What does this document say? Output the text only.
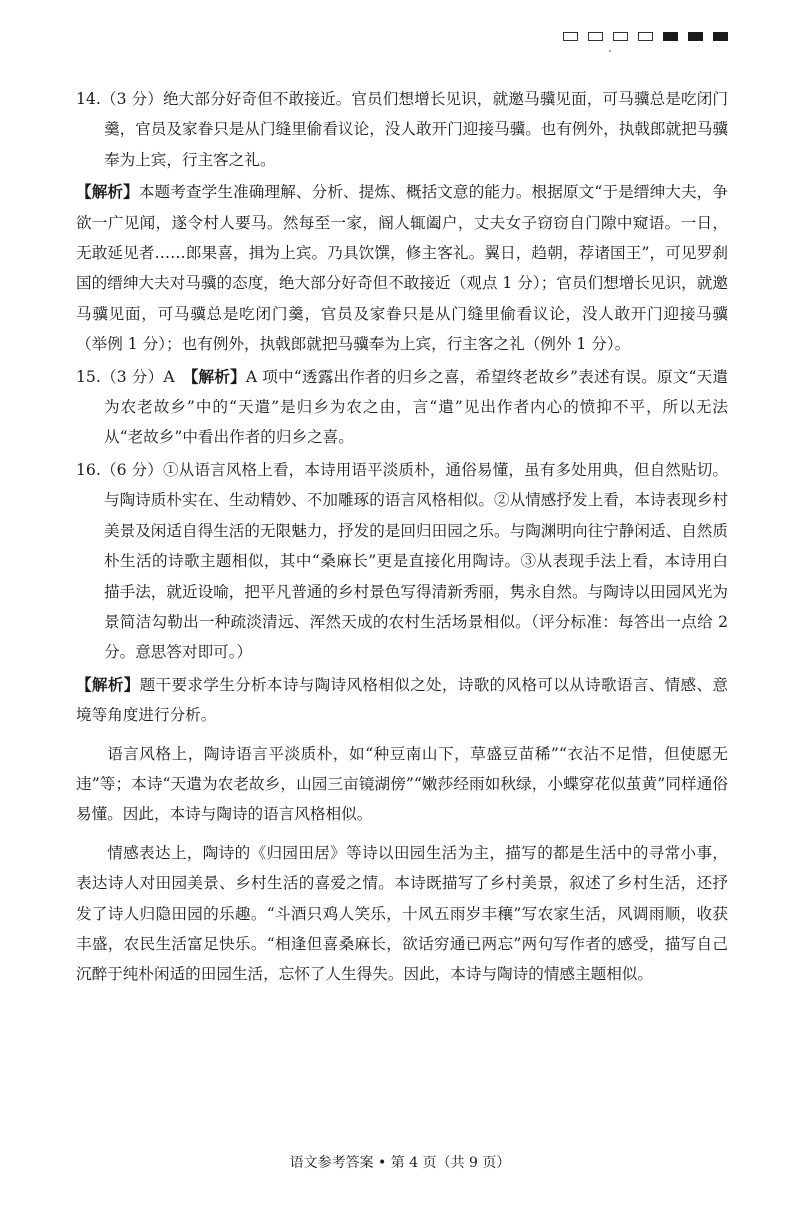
14.（3 分）绝大部分好奇但不敢接近。官员们想增长见识，就邀马骥见面，可马骥总是吃闭门羹，官员及家眷只是从门缝里偷看议论，没人敢开门迎接马骥。也有例外，执戟郎就把马骥奉为上宾，行主客之礼。

【解析】本题考查学生准确理解、分析、提炼、概括文意的能力。根据原文“于是缙绅大夫，争欲一广见闻，遂令村人要马。然每至一家，阍人辄阖户，丈夫女子窃窃自门隙中窥语。一日，无敢延见者……郎果喜，揖为上宾。乃具饮馔，修主客礼。翼日，趋朝，荐诸国王”，可见罗刹国的缙绅大夫对马骥的态度，绝大部分好奇但不敢接近（观点 1 分）；官员们想增长见识，就邀马骥见面，可马骥总是吃闭门羹，官员及家眷只是从门缝里偷看议论，没人敢开门迎接马骥（举例 1 分）；也有例外，执戟郎就把马骥奉为上宾，行主客之礼（例外 1 分）。

15.（3 分）A　【解析】A 项中“透露出作者的归乡之喜，希望终老故乡”表述有误。原文“天遣为农老故乡”中的“天遣”是归乡为农之由，言“遣”见出作者内心的愤抑不平，所以无法从“老故乡”中看出作者的归乡之喜。

16.（6 分）①从语言风格上看，本诗用语平淡质朴，通俗易懂，虽有多处用典，但自然贴切。与陶诗质朴实在、生动精妙、不加雕琢的语言风格相似。②从情感抒发上看，本诗表现乡村美景及闲适自得生活的无限魅力，抒发的是回归田园之乐。与陶渊明向往宁静闲适、自然质朴生活的诗歌主题相似，其中“桑麻长”更是直接化用陶诗。③从表现手法上看，本诗用白描手法，就近设喻，把平凡普通的乡村景色写得清新秀丽，隽永自然。与陶诗以田园风光为景简洁勾勒出一种疏淡清远、浑然天成的农村生活场景相似。（评分标准：每答出一点给 2 分。意思答对即可。）

【解析】题干要求学生分析本诗与陶诗风格相似之处，诗歌的风格可以从诗歌语言、情感、意境等角度进行分析。

语言风格上，陶诗语言平淡质朴，如“种豆南山下，草盛豆苗稀”“衣沾不足惜，但使愿无违”等；本诗“天遣为农老故乡，山园三亩镜湖傍”“嫩莎经雨如秋绿，小蝶穿花似茧黄”同样通俗易懂。因此，本诗与陶诗的语言风格相似。

情感表达上，陶诗的《归园田居》等诗以田园生活为主，描写的都是生活中的寻常小事，表达诗人对田园美景、乡村生活的喜爱之情。本诗既描写了乡村美景，叙述了乡村生活，还抒发了诗人归隐田园的乐趣。“斗酒只鸡人笑乐，十风五雨岁丰穰”写农家生活，风调雨顺，收获丰盛，农民生活富足快乐。“相逢但喜桑麻长，欲话穷通已两忘”两句写作者的感受，描写自己沉醉于纯朴闲适的田园生活，忘怀了人生得失。因此，本诗与陶诗的情感主题相似。

语文参考答案 • 第 4 页（共 9 页）
